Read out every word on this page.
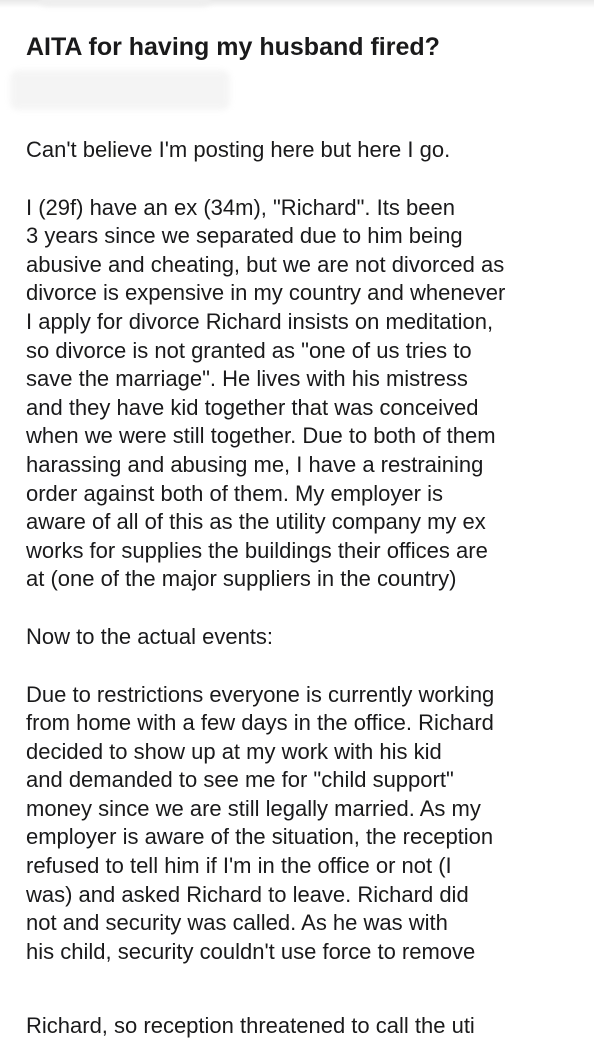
AITA for having my husband fired?

Can't believe I'm posting here but here I go.

I (29f) have an ex (34m), "Richard". Its been
3 years since we separated due to him being
abusive and cheating, but we are not divorced as
divorce is expensive in my country and whenever
I apply for divorce Richard insists on meditation,
so divorce is not granted as "one of us tries to
save the marriage". He lives with his mistress
and they have kid together that was conceived
when we were still together. Due to both of them
harassing and abusing me, I have a restraining
order against both of them. My employer is
aware of all of this as the utility company my ex
works for supplies the buildings their offices are
at (one of the major suppliers in the country)

Now to the actual events:

Due to restrictions everyone is currently working
from home with a few days in the office. Richard
decided to show up at my work with his kid
and demanded to see me for "child support"
money since we are still legally married. As my
employer is aware of the situation, the reception
refused to tell him if I'm in the office or not (I
was) and asked Richard to leave. Richard did
not and security was called. As he was with
his child, security couldn't use force to remove

Richard, so reception threatened to call the uti
